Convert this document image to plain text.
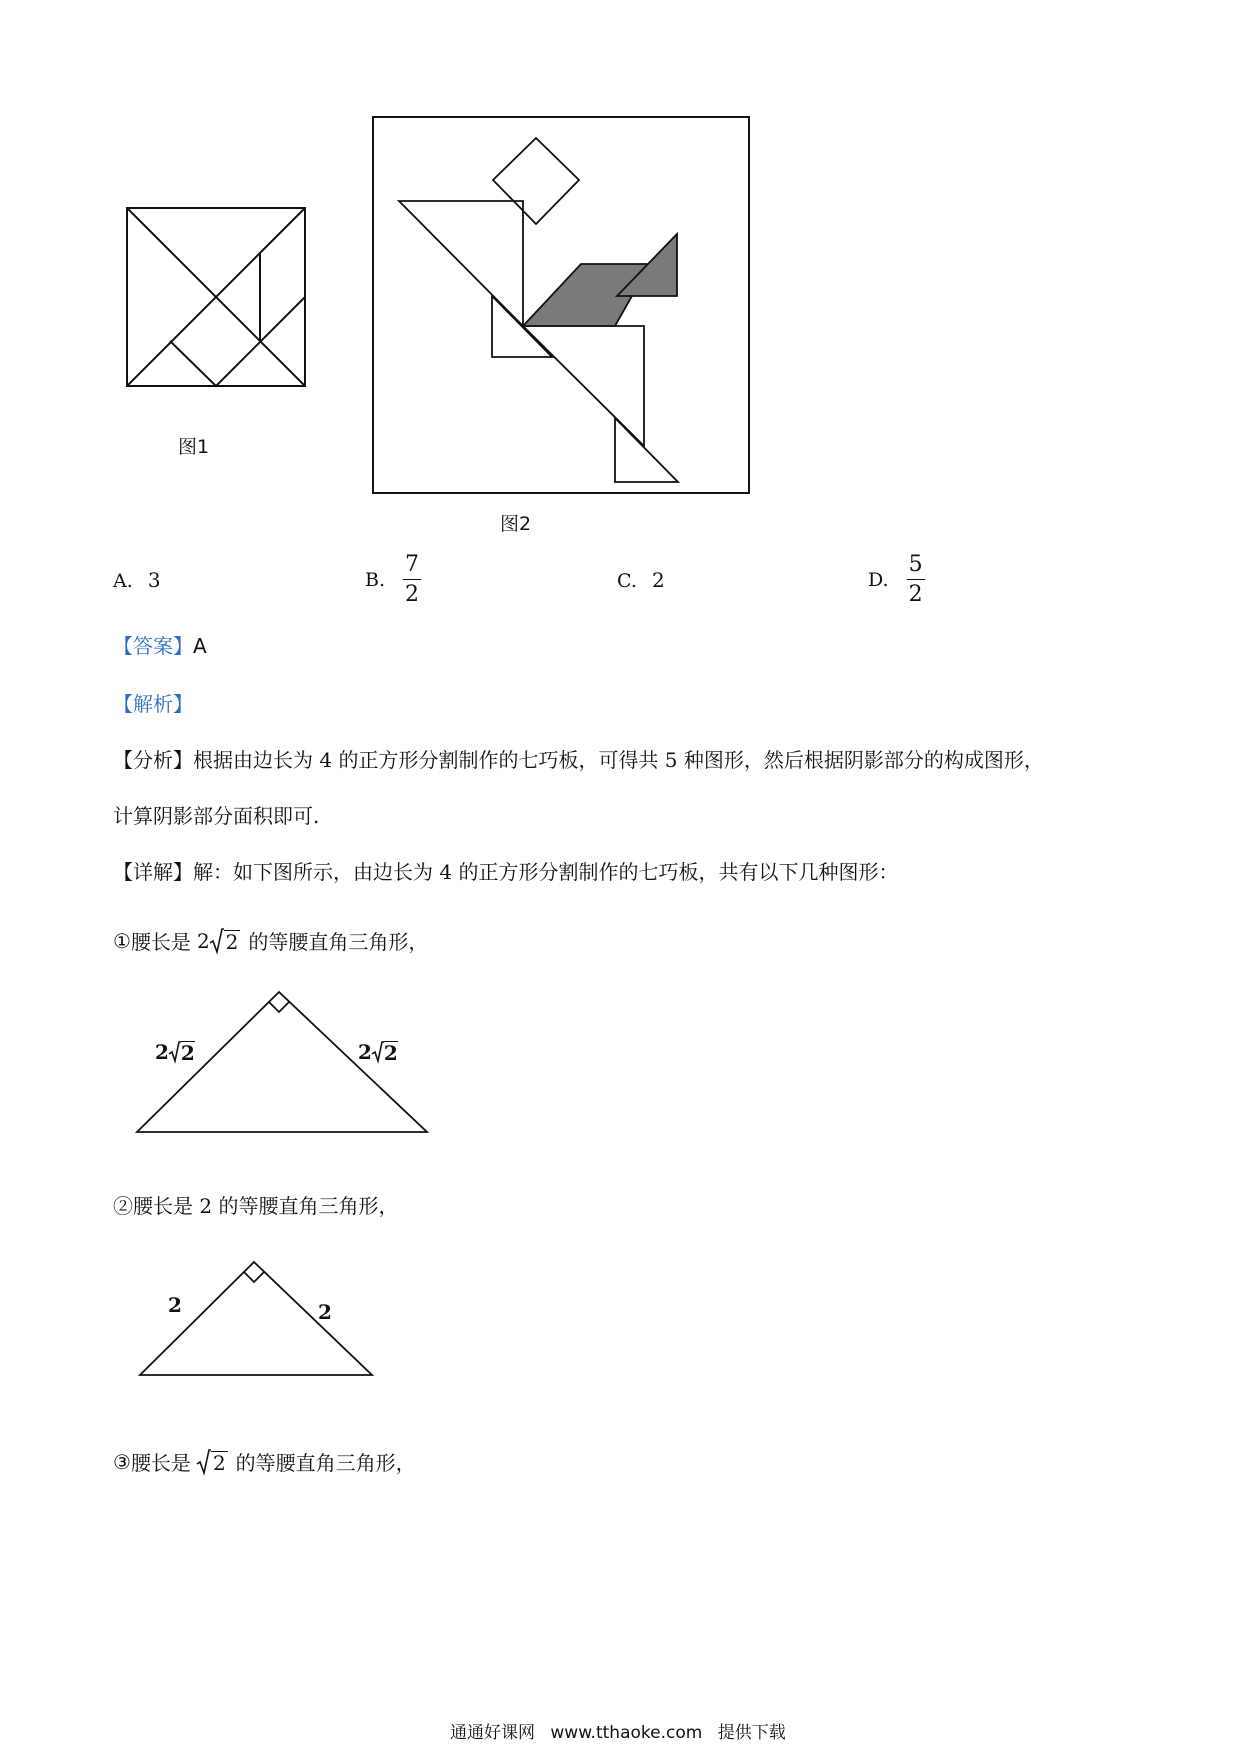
图1
图2
A. 3	B. $\frac{7}{2}$	C. 2	D. $\frac{5}{2}$
【答案】A
【解析】
【分析】根据由边长为 4 的正方形分割制作的七巧板，可得共 5 种图形，然后根据阴影部分的构成图形，
计算阴影部分面积即可.
【详解】解：如下图所示，由边长为 4 的正方形分割制作的七巧板，共有以下几种图形：
① 腰长是 2 2 的等腰直角三角形，
2 2	2 2
②腰长是 2 的等腰直角三角形，
2	2
③ 腰长是 2 的等腰直角三角形，
通通好课网 www.tthaoke.com 提供下载
